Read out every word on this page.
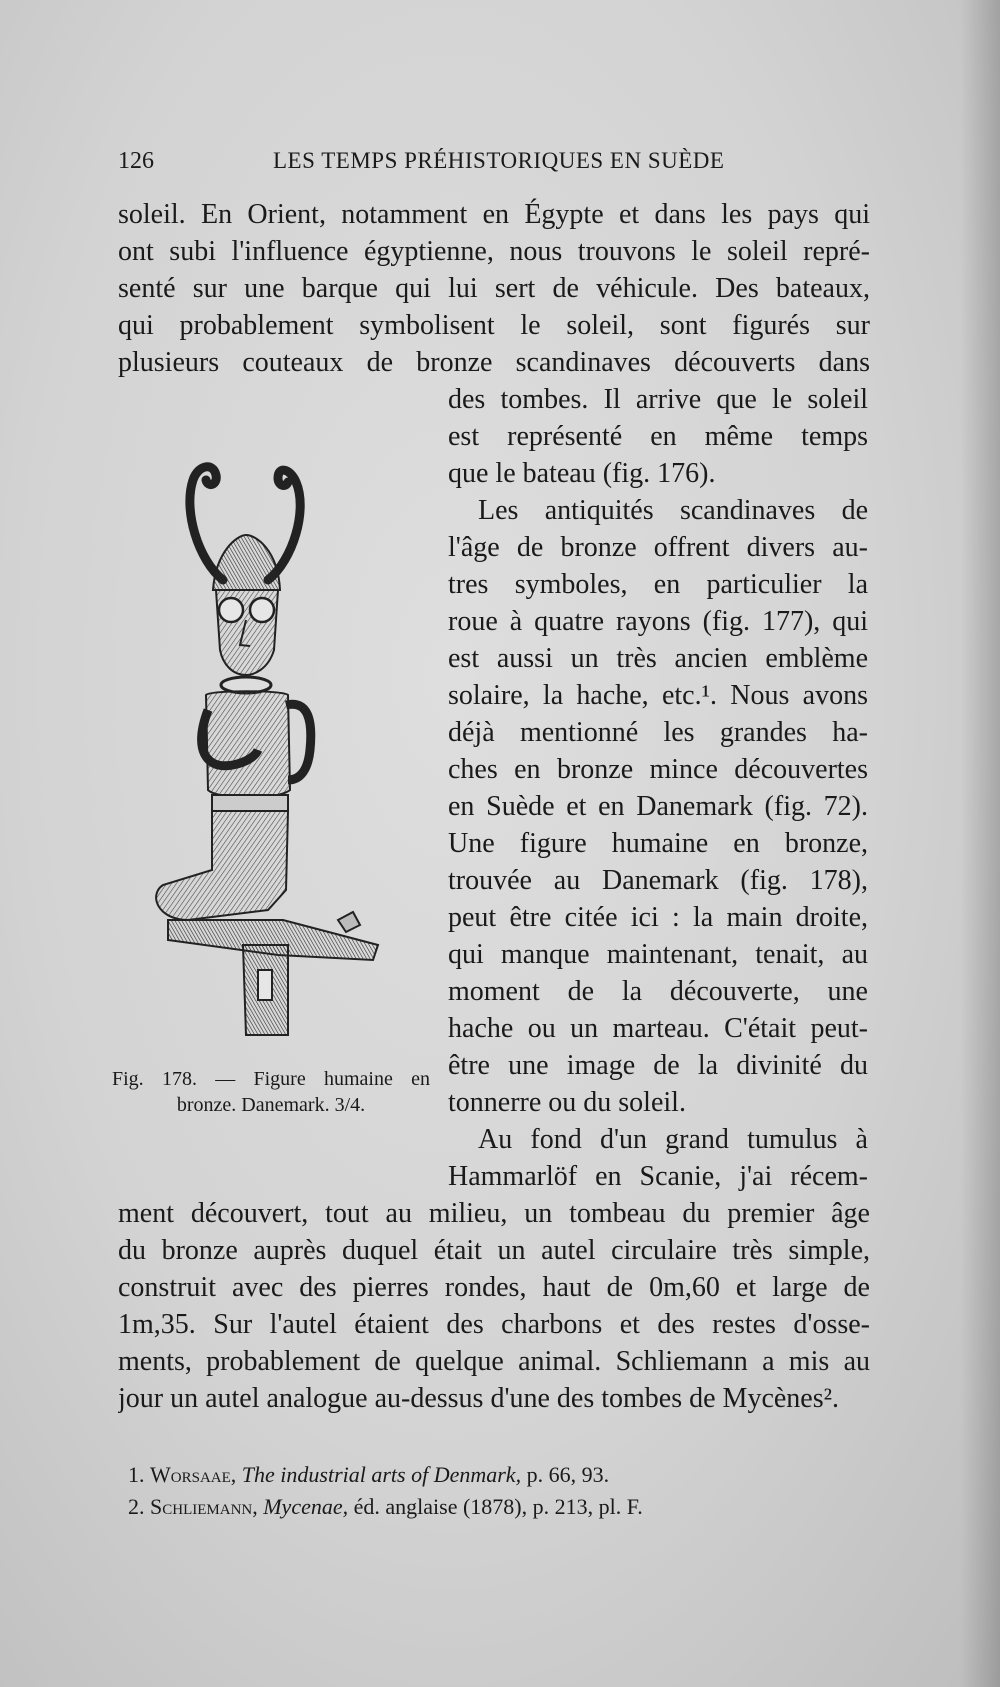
126	LES TEMPS PRÉHISTORIQUES EN SUÈDE
soleil. En Orient, notamment en Égypte et dans les pays qui
ont subi l'influence égyptienne, nous trouvons le soleil repré-
senté sur une barque qui lui sert de véhicule. Des bateaux,
qui probablement symbolisent le soleil, sont figurés sur
plusieurs couteaux de bronze scandinaves découverts dans
des tombes. Il arrive que le soleil
est représenté en même temps
que le bateau (fig. 176).
Les antiquités scandinaves de
l'âge de bronze offrent divers au-
tres symboles, en particulier la
roue à quatre rayons (fig. 177), qui
est aussi un très ancien emblème
solaire, la hache, etc.¹. Nous avons
déjà mentionné les grandes ha-
ches en bronze mince découvertes
en Suède et en Danemark (fig. 72).
Une figure humaine en bronze,
trouvée au Danemark (fig. 178),
peut être citée ici : la main droite,
qui manque maintenant, tenait, au
moment de la découverte, une
hache ou un marteau. C'était peut-
être une image de la divinité du
tonnerre ou du soleil.
Au fond d'un grand tumulus à
Hammarlöf en Scanie, j'ai récem-
ment découvert, tout au milieu, un tombeau du premier âge
du bronze auprès duquel était un autel circulaire très simple,
construit avec des pierres rondes, haut de 0m,60 et large de
1m,35. Sur l'autel étaient des charbons et des restes d'osse-
ments, probablement de quelque animal. Schliemann a mis au
jour un autel analogue au-dessus d'une des tombes de Mycènes².
Fig. 178. — Figure humaine en
bronze. Danemark. 3/4.
1. Worsaae, The industrial arts of Denmark, p. 66, 93.
2. Schliemann, Mycenae, éd. anglaise (1878), p. 213, pl. F.
